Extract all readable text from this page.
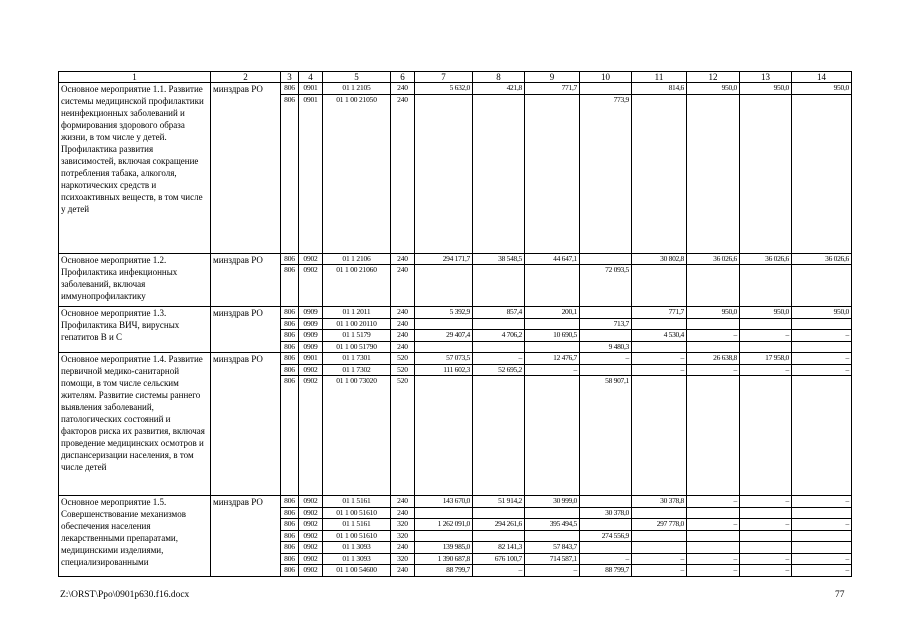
1	2	3	4	5	6	7	8	9	10	11	12	13	14
Основное мероприятие 1.1. Развитие системы медицинской профилактики неинфекционных заболеваний и формирования здорового образа жизни, в том числе у детей. Профилактика развития зависимостей, включая сокращение потребления табака, алкоголя, наркотических средств и психоактивных веществ, в том числе у детей	минздрав РО	806	0901	01 1 2105	240	5 632,0	421,8	771,7		814,6	950,0	950,0	950,0
		806	0901	01 1 00 21050	240				773,9				
Основное мероприятие 1.2. Профилактика инфекционных заболеваний, включая иммунопрофилактику	минздрав РО	806	0902	01 1 2106	240	294 171,7	38 548,5	44 647,1		30 802,8	36 026,6	36 026,6	36 026,6
		806	0902	01 1 00 21060	240				72 093,5				
Основное мероприятие 1.3. Профилактика ВИЧ, вирусных гепатитов В и С	минздрав РО	806	0909	01 1 2011	240	5 392,9	857,4	200,1		771,7	950,0	950,0	950,0
		806	0909	01 1 00 20110	240				713,7				
		806	0909	01 1 5179	240	29 407,4	4 706,2	10 690,5		4 530,4	–	–	–
		806	0909	01 1 00 51790	240				9 480,3				
Основное мероприятие 1.4. Развитие первичной медико-санитарной помощи, в том числе сельским жителям. Развитие системы раннего выявления заболеваний, патологических состояний и факторов риска их развития, включая проведение медицинских осмотров и диспансеризации населения, в том числе детей	минздрав РО	806	0901	01 1 7301	520	57 073,5	–	12 476,7	–	–	26 638,8	17 958,0	–
		806	0902	01 1 7302	520	111 602,3	52 695,2	–		–	–	–	–
		806	0902	01 1 00 73020	520				58 907,1				
Основное мероприятие 1.5. Совершенствование механизмов обеспечения населения лекарственными препаратами, медицинскими изделиями, специализированными	минздрав РО	806	0902	01 1 5161	240	143 670,0	51 914,2	30 999,0		30 378,8	–	–	–
		806	0902	01 1 00 51610	240				30 378,0				
		806	0902	01 1 5161	320	1 262 091,0	294 261,6	395 494,5		297 778,0	–	–	–
		806	0902	01 1 00 51610	320				274 556,9				
		806	0902	01 1 3093	240	139 985,0	82 141,3	57 843,7					
		806	0902	01 1 3093	320	1 390 687,8	676 100,7	714 587,1	–	–	–	–	–
		806	0902	01 1 00 54600	240	88 799,7	–	–	88 799,7	–	–	–	–
Z:\ORST\Ppo\0901p630.f16.docx	77
